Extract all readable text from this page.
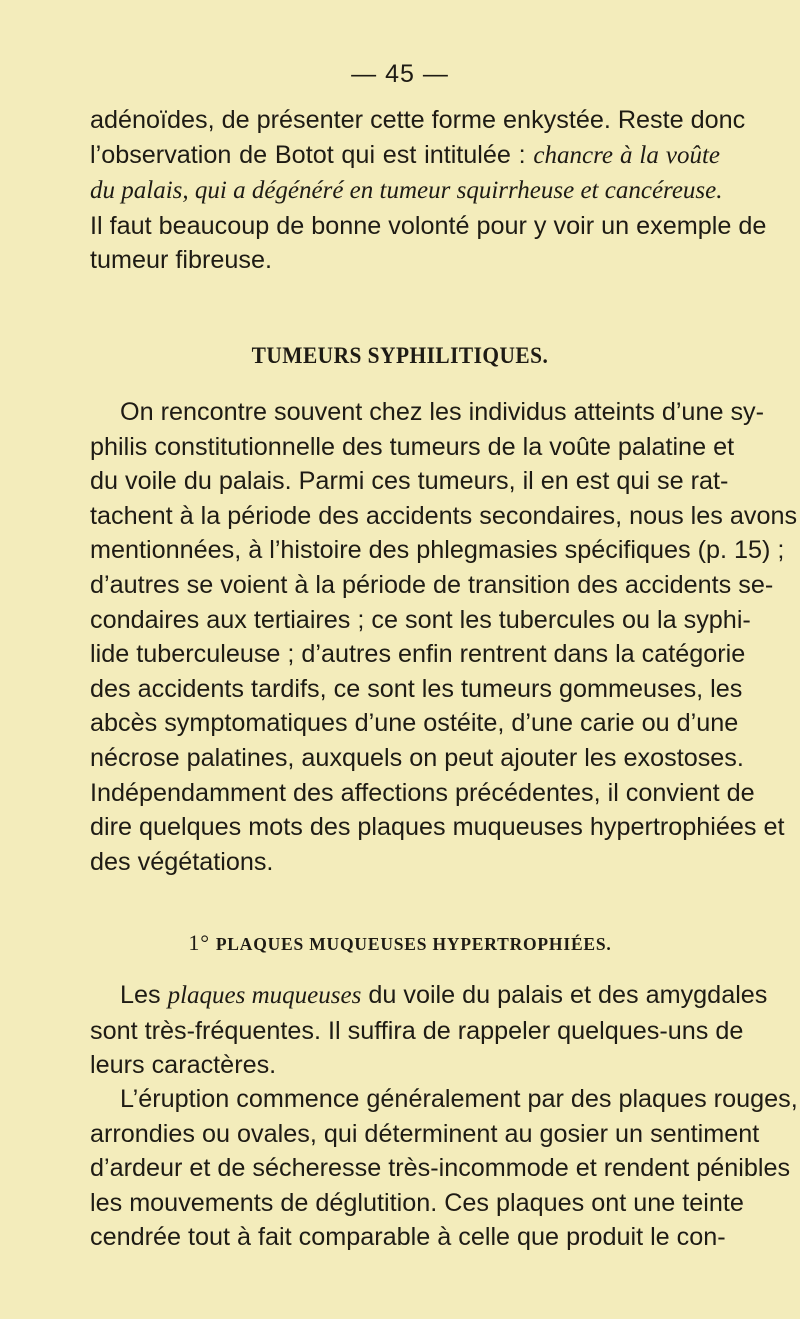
— 45 —
adénoïdes, de présenter cette forme enkystée. Reste donc
l’observation de Botot qui est intitulée : chancre à la voûte
du palais, qui a dégénéré en tumeur squirrheuse et cancéreuse.
Il faut beaucoup de bonne volonté pour y voir un exemple de
tumeur fibreuse.
TUMEURS SYPHILITIQUES.
On rencontre souvent chez les individus atteints d’une sy-
philis constitutionnelle des tumeurs de la voûte palatine et
du voile du palais. Parmi ces tumeurs, il en est qui se rat-
tachent à la période des accidents secondaires, nous les avons
mentionnées, à l’histoire des phlegmasies spécifiques (p. 15) ;
d’autres se voient à la période de transition des accidents se-
condaires aux tertiaires ; ce sont les tubercules ou la syphi-
lide tuberculeuse ; d’autres enfin rentrent dans la catégorie
des accidents tardifs, ce sont les tumeurs gommeuses, les
abcès symptomatiques d’une ostéite, d’une carie ou d’une
nécrose palatines, auxquels on peut ajouter les exostoses.
Indépendamment des affections précédentes, il convient de
dire quelques mots des plaques muqueuses hypertrophiées et
des végétations.
1° PLAQUES MUQUEUSES HYPERTROPHIÉES.
Les plaques muqueuses du voile du palais et des amygdales
sont très-fréquentes. Il suffira de rappeler quelques-uns de
leurs caractères.
L’éruption commence généralement par des plaques rouges,
arrondies ou ovales, qui déterminent au gosier un sentiment
d’ardeur et de sécheresse très-incommode et rendent pénibles
les mouvements de déglutition. Ces plaques ont une teinte
cendrée tout à fait comparable à celle que produit le con-
